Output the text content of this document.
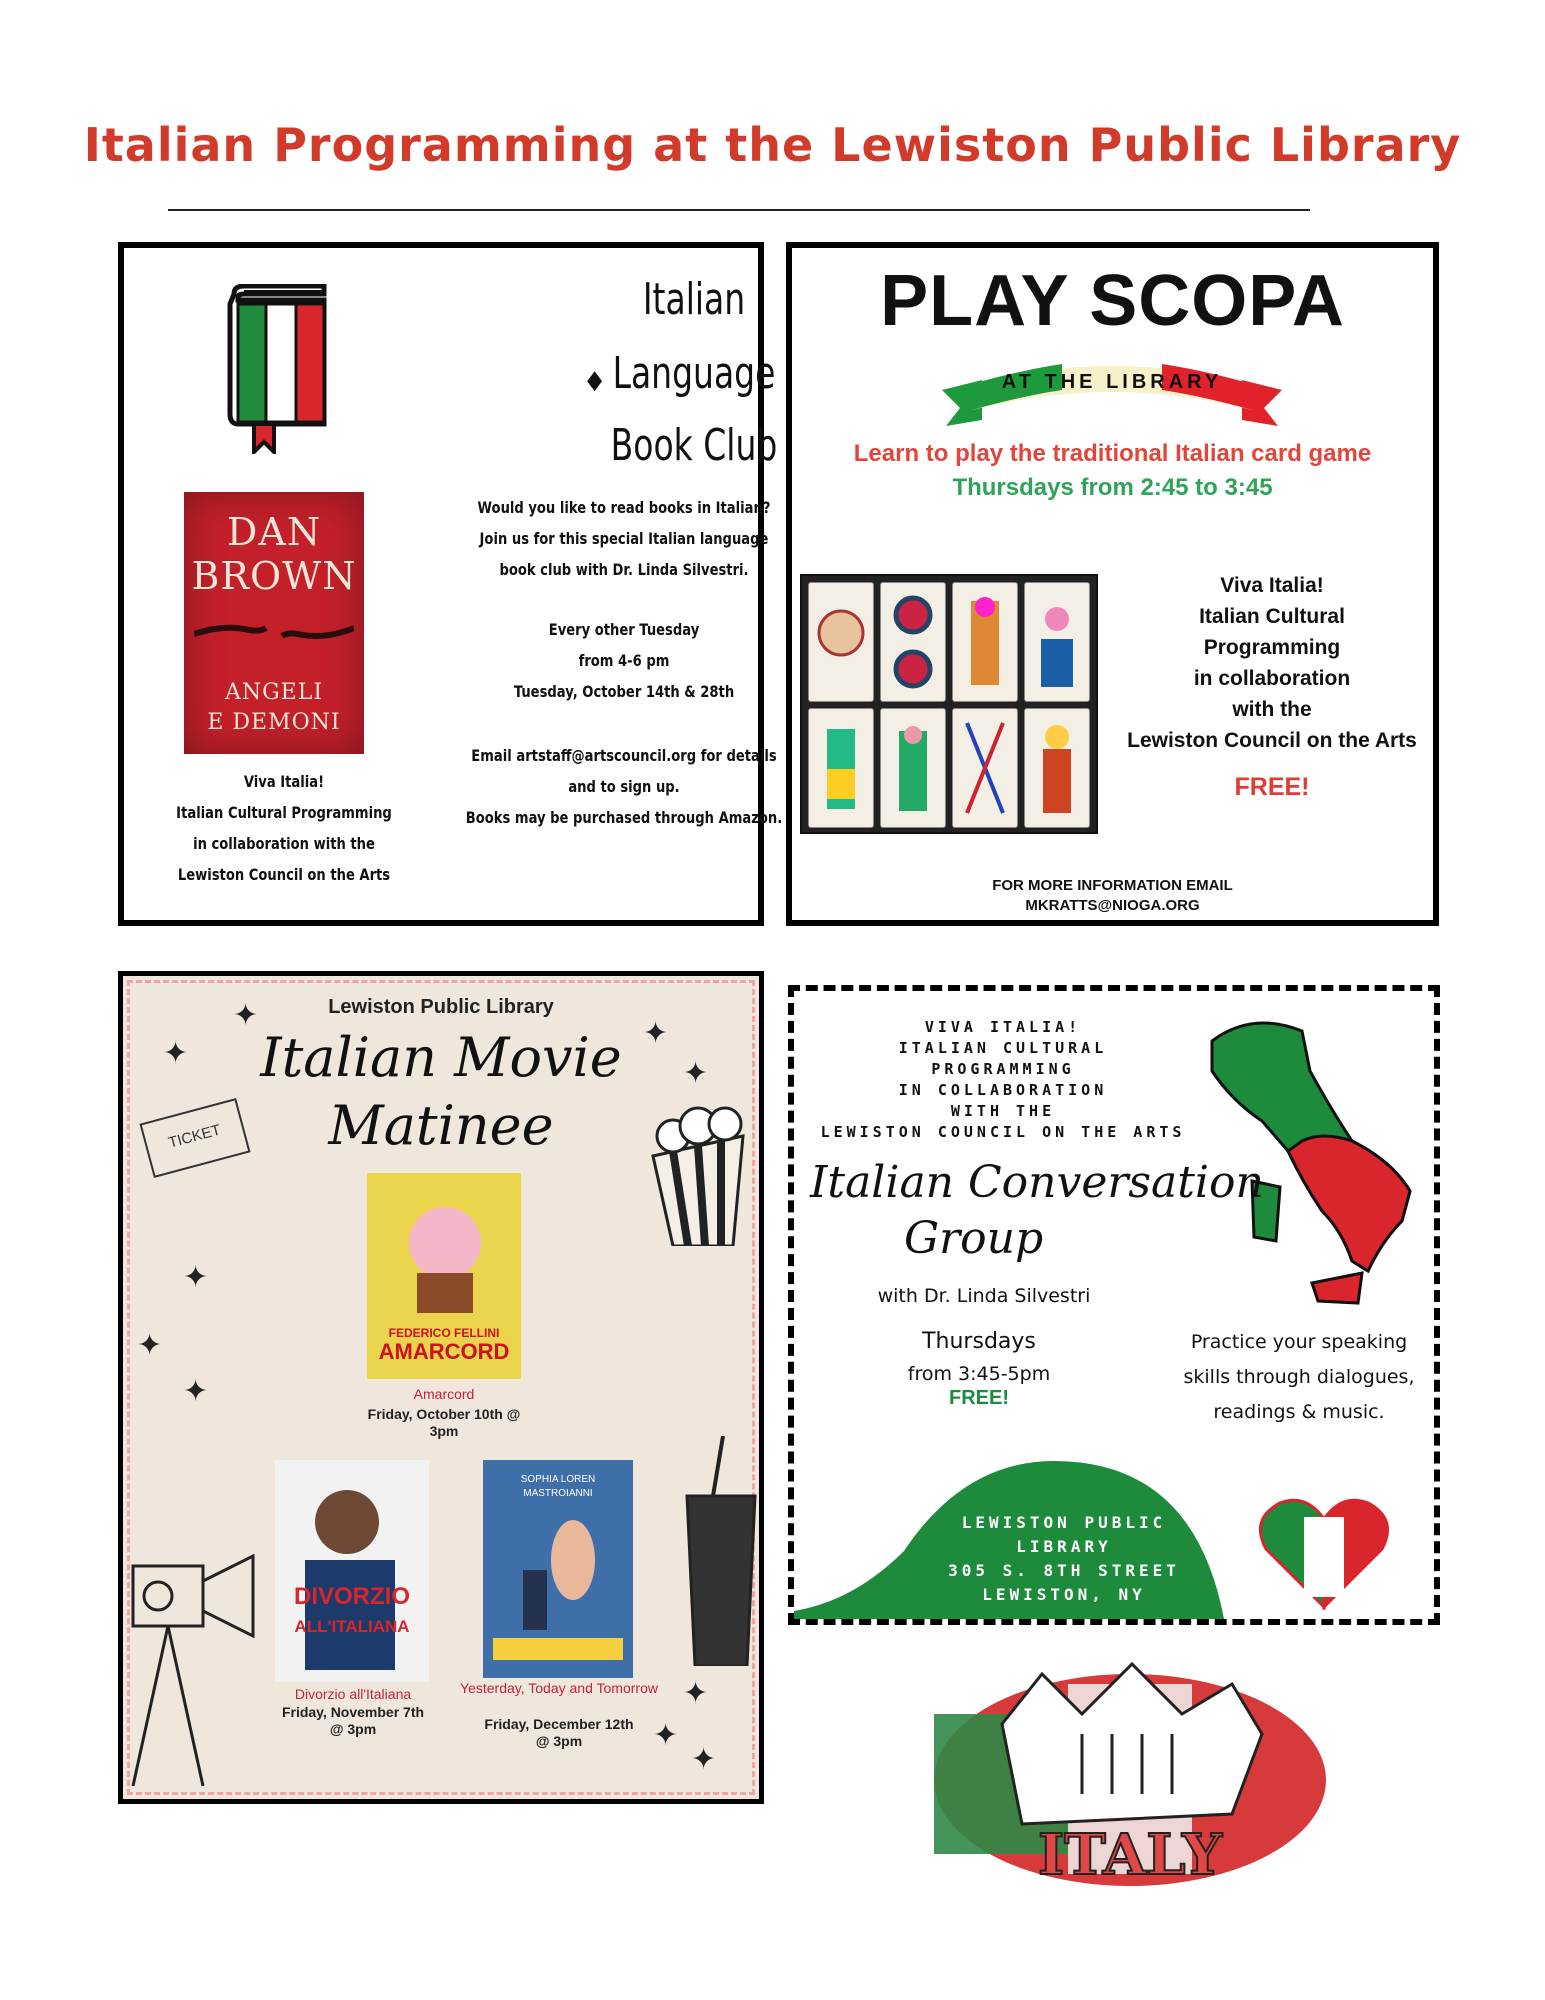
Italian Programming at the Lewiston Public Library
Italian
◆ Language
Book Club
DAN
BROWN
ANGELI
E DEMONI
Would you like to read books in Italian?
Join us for this special Italian language
book club with Dr. Linda Silvestri.
Every other Tuesday
from 4-6 pm
Tuesday, October 14th & 28th
Email artstaff@artscouncil.org for details
and to sign up.
Books may be purchased through Amazon.
Viva Italia!
Italian Cultural Programming
in collaboration with the
Lewiston Council on the Arts
PLAY SCOPA
AT THE LIBRARY
Learn to play the traditional Italian card game
Thursdays from 2:45 to 3:45
Viva Italia!
Italian Cultural
Programming
in collaboration
with the
Lewiston Council on the Arts
FREE!
FOR MORE INFORMATION EMAIL
MKRATTS@NIOGA.ORG
Lewiston Public Library
Italian Movie
Matinee
TICKET
✦
✦
✦
✦
✦
✦
✦
✦
✦
✦
FEDERICO FELLINI
AMARCORD
Amarcord
Friday, October 10th @
3pm
DIVORZIO
ALL'ITALIANA
Divorzio all'Italiana
Friday, November 7th
@ 3pm
SOPHIA LOREN
MASTROIANNI
Yesterday, Today and Tomorrow
Friday, December 12th
@ 3pm
VIVA ITALIA!
ITALIAN CULTURAL
PROGRAMMING
IN COLLABORATION
WITH THE
LEWISTON COUNCIL ON THE ARTS
Italian Conversation
Group
with Dr. Linda Silvestri
Thursdays
from 3:45-5pm
FREE!
Practice your speaking
skills through dialogues,
readings & music.
LEWISTON PUBLIC
LIBRARY
305 S. 8TH STREET
LEWISTON, NY
ITALY
